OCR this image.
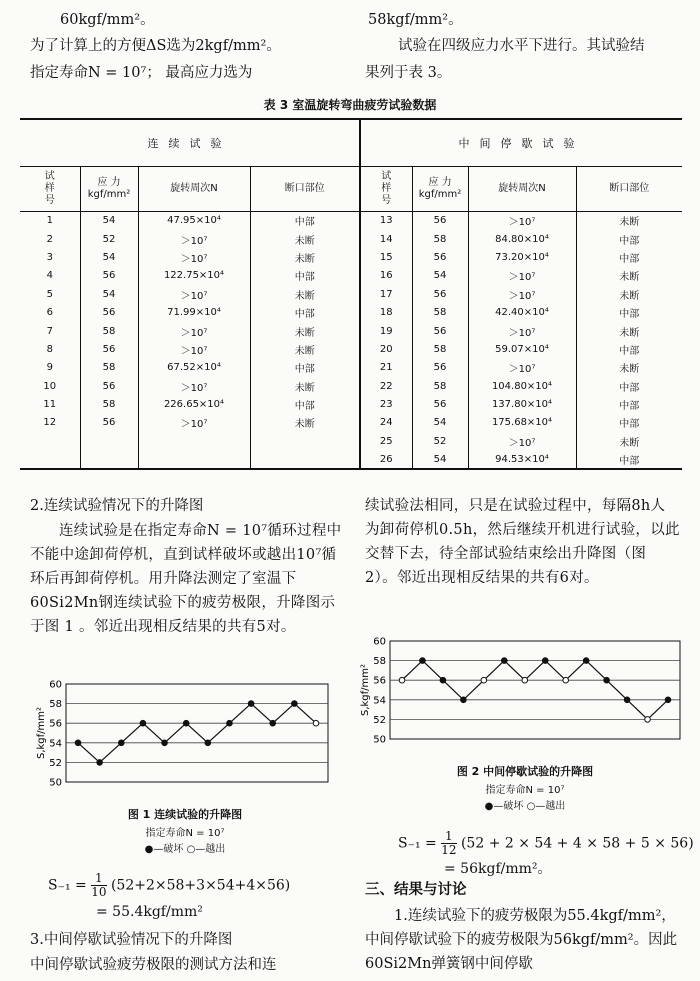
60kgf/mm²。
为了计算上的方便ΔS选为2kgf/mm²。
指定寿命N = 10⁷； 最高应力选为
58kgf/mm²。
试验在四级应力水平下进行。其试验结
果列于表 3。
表 3 室温旋转弯曲疲劳试验数据
连续试验				中间停歇试验			
试样号	应 力 kgf/mm²	旋转周次N	断口部位	试样号	应 力 kgf/mm²	旋转周次N	断口部位
1	54	47.95×10⁴	中部	13	56	＞10⁷	未断
2	52	＞10⁷	未断	14	58	84.80×10⁴	中部
3	54	＞10⁷	未断	15	56	73.20×10⁴	中部
4	56	122.75×10⁴	中部	16	54	＞10⁷	未断
5	54	＞10⁷	未断	17	56	＞10⁷	未断
6	56	71.99×10⁴	中部	18	58	42.40×10⁴	中部
7	58	＞10⁷	未断	19	56	＞10⁷	未断
8	56	＞10⁷	未断	20	58	59.07×10⁴	中部
9	58	67.52×10⁴	中部	21	56	＞10⁷	未断
10	56	＞10⁷	未断	22	58	104.80×10⁴	中部
11	58	226.65×10⁴	中部	23	56	137.80×10⁴	中部
12	56	＞10⁷	未断	24	54	175.68×10⁴	中部
				25	52	＞10⁷	未断
				26	54	94.53×10⁴	中部
2.连续试验情况下的升降图

连续试验是在指定寿命N = 10⁷循环过程中不能中途卸荷停机，直到试样破坏或越出10⁷循环后再卸荷停机。用升降法测定了室温下60Si2Mn钢连续试验下的疲劳极限，升降图示于图 1 。邻近出现相反结果的共有5对。

50
52
54
56
58
60
S,kgf/mm²
图 1 连续试验的升降图
指定寿命N = 10⁷
●—破坏 ○—越出
$S_{-1} = \frac{1}{10} (52+2\times 58+3\times 54+4\times 56)$
= 55.4kgf/mm²
3.中间停歇试验情况下的升降图
中间停歇试验疲劳极限的测试方法和连

续试验法相同，只是在试验过程中，每隔8h人为卸荷停机0.5h，然后继续开机进行试验，以此交替下去，待全部试验结束绘出升降图（图 2）。邻近出现相反结果的共有6对。

50
52
54
56
58
60
S,kgf/mm²
图 2 中间停歇试验的升降图
指定寿命N = 10⁷
●—破坏 ○—越出
$S_{-1} = \frac{1}{12} (52 + 2 \times 54 + 4 \times 58 + 5 \times 56)$
= 56kgf/mm²。
三、结果与讨论

1.连续试验下的疲劳极限为55.4kgf/mm²，中间停歇试验下的疲劳极限为56kgf/mm²。因此60Si2Mn弹簧钢中间停歇
